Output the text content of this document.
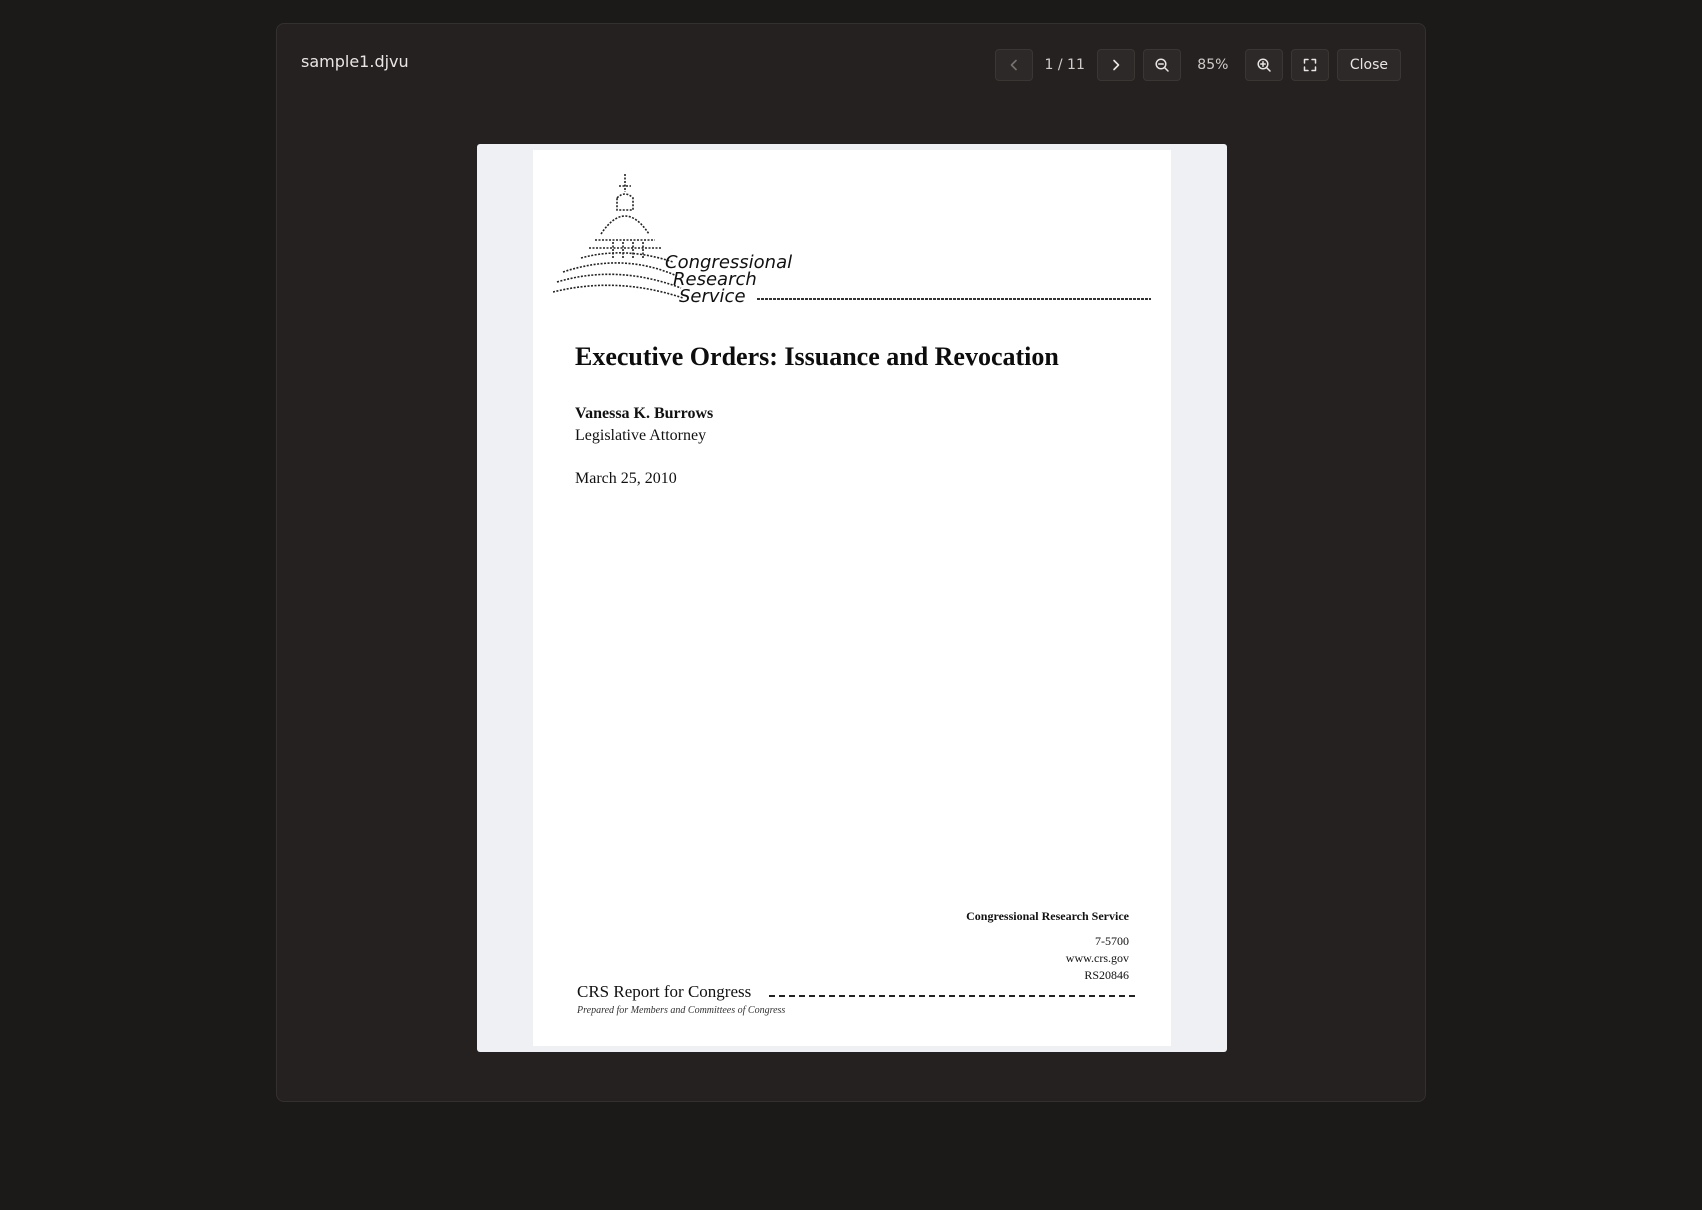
sample1.djvu	1 / 11	85%	Close
Congressional
Research
Service
Executive Orders: Issuance and Revocation
Vanessa K. Burrows
Legislative Attorney
March 25, 2010
Congressional Research Service
7-5700
www.crs.gov
RS20846
CRS Report for Congress
Prepared for Members and Committees of Congress
